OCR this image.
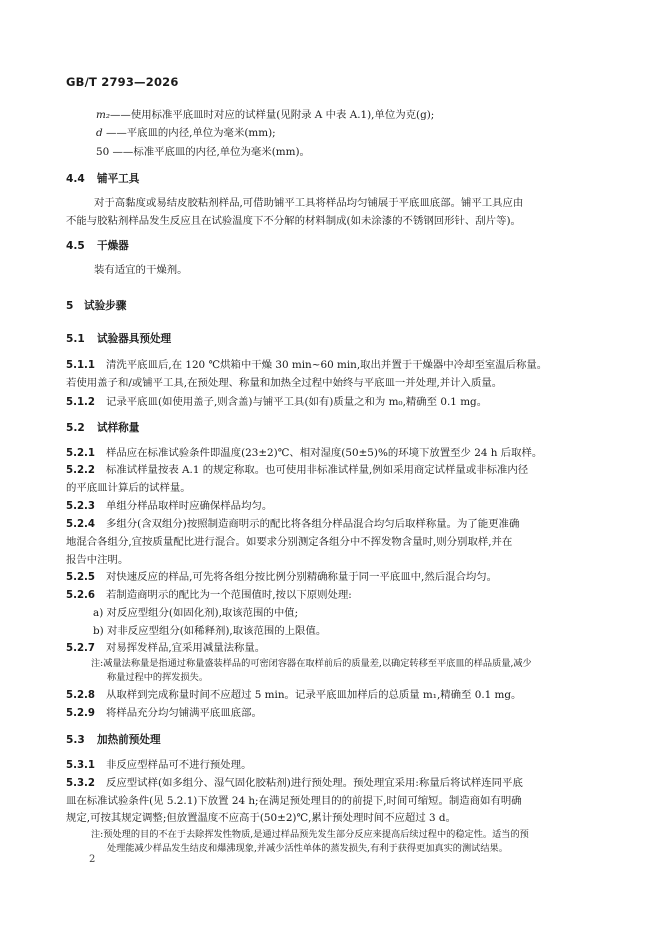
GB/T 2793—2026
m₂——使用标准平底皿时对应的试样量(见附录 A 中表 A.1),单位为克(g);
d ——平底皿的内径,单位为毫米(mm);
50 ——标准平底皿的内径,单位为毫米(mm)。
4.4 铺平工具
对于高黏度或易结皮胶粘剂样品,可借助铺平工具将样品均匀铺展于平底皿底部。铺平工具应由
不能与胶粘剂样品发生反应且在试验温度下不分解的材料制成(如未涂漆的不锈钢回形针、刮片等)。
4.5 干燥器
装有适宜的干燥剂。
5 试验步骤
5.1 试验器具预处理
5.1.1 清洗平底皿后,在 120 ℃烘箱中干燥 30 min~60 min,取出并置于干燥器中冷却至室温后称量。
若使用盖子和/或铺平工具,在预处理、称量和加热全过程中始终与平底皿一并处理,并计入质量。
5.1.2 记录平底皿(如使用盖子,则含盖)与铺平工具(如有)质量之和为 m₀,精确至 0.1 mg。
5.2 试样称量
5.2.1 样品应在标准试验条件即温度(23±2)℃、相对湿度(50±5)%的环境下放置至少 24 h 后取样。
5.2.2 标准试样量按表 A.1 的规定称取。也可使用非标准试样量,例如采用商定试样量或非标准内径
的平底皿计算后的试样量。
5.2.3 单组分样品取样时应确保样品均匀。
5.2.4 多组分(含双组分)按照制造商明示的配比将各组分样品混合均匀后取样称量。为了能更准确
地混合各组分,宜按质量配比进行混合。如要求分别测定各组分中不挥发物含量时,则分别取样,并在
报告中注明。
5.2.5 对快速反应的样品,可先将各组分按比例分别精确称量于同一平底皿中,然后混合均匀。
5.2.6 若制造商明示的配比为一个范围值时,按以下原则处理:
a) 对反应型组分(如固化剂),取该范围的中值;
b) 对非反应型组分(如稀释剂),取该范围的上限值。
5.2.7 对易挥发样品,宜采用减量法称量。
注:减量法称量是指通过称量盛装样品的可密闭容器在取样前后的质量差,以确定转移至平底皿的样品质量,减少
称量过程中的挥发损失。
5.2.8 从取样到完成称量时间不应超过 5 min。记录平底皿加样后的总质量 m₁,精确至 0.1 mg。
5.2.9 将样品充分均匀铺满平底皿底部。
5.3 加热前预处理
5.3.1 非反应型样品可不进行预处理。
5.3.2 反应型试样(如多组分、湿气固化胶粘剂)进行预处理。预处理宜采用:称量后将试样连同平底
皿在标准试验条件(见 5.2.1)下放置 24 h;在满足预处理目的的前提下,时间可缩短。制造商如有明确
规定,可按其规定调整;但放置温度不应高于(50±2)℃,累计预处理时间不应超过 3 d。
注:预处理的目的不在于去除挥发性物质,是通过样品预先发生部分反应来提高后续过程中的稳定性。适当的预
处理能减少样品发生结皮和爆沸现象,并减少活性单体的蒸发损失,有利于获得更加真实的测试结果。
2
